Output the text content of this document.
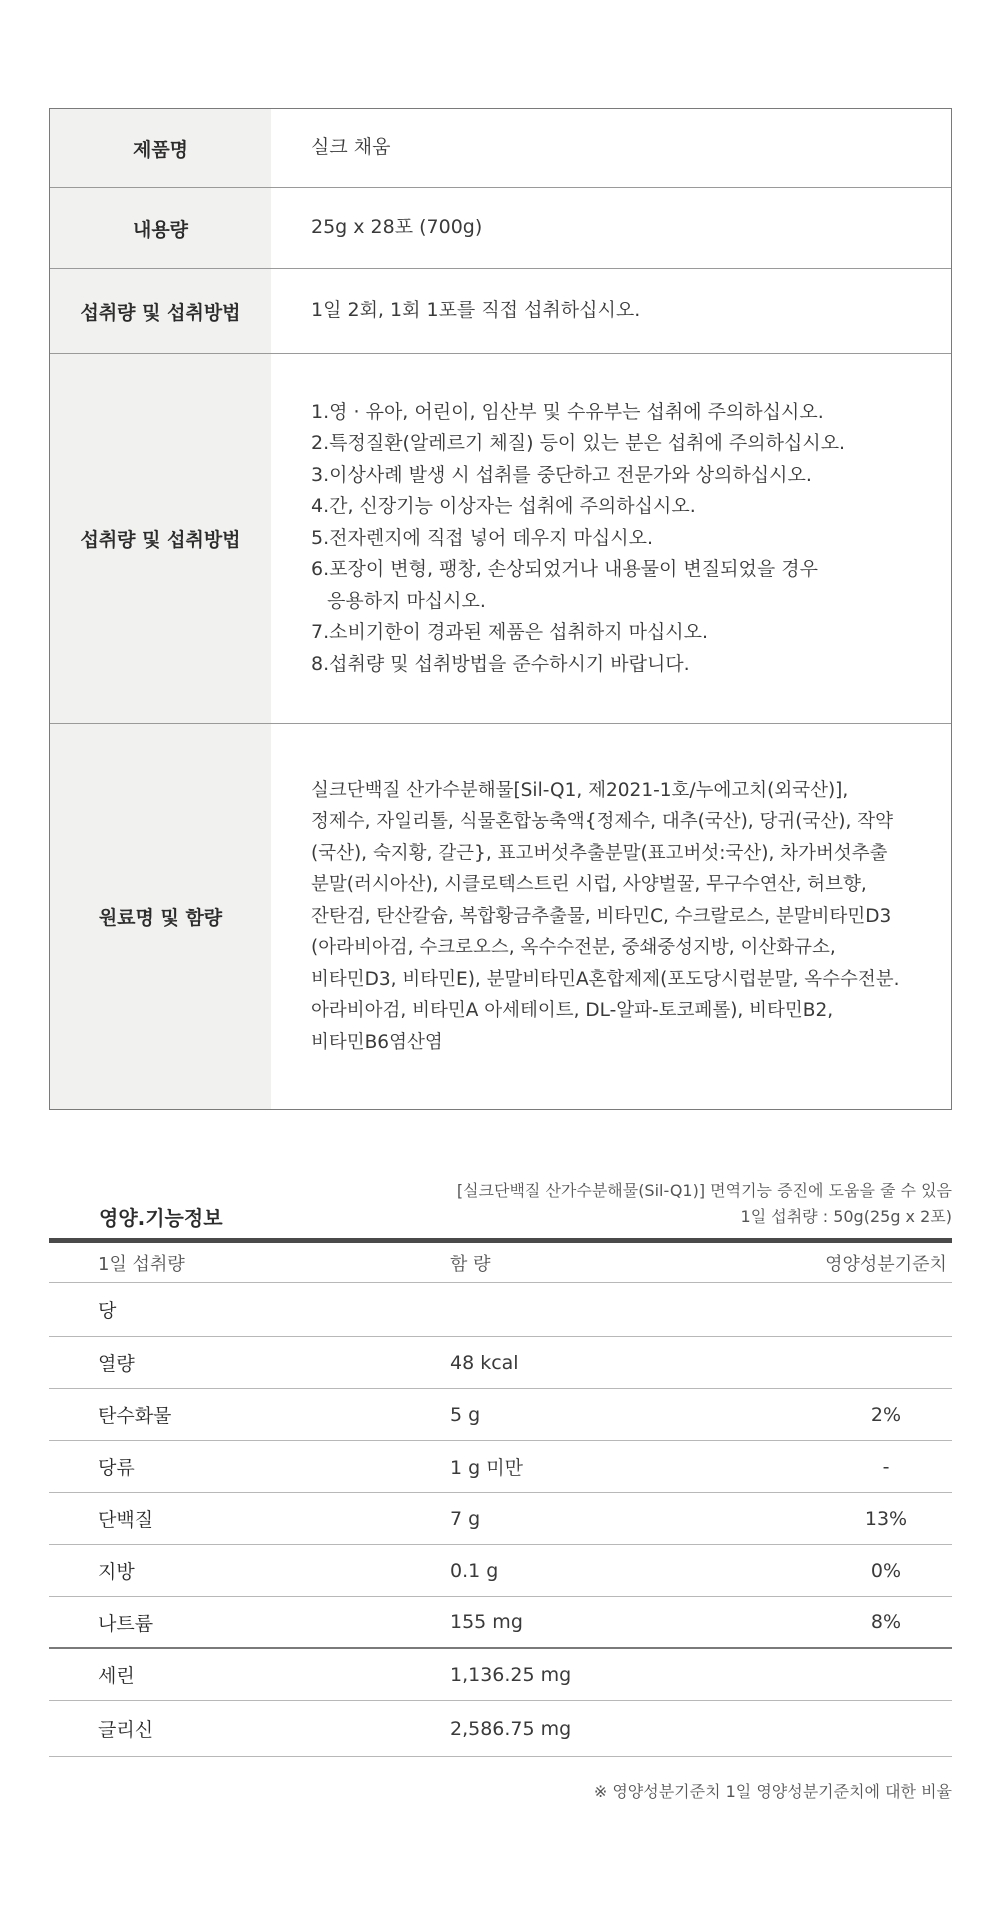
제품명	실크 채움
내용량	25g x 28포 (700g)
섭취량 및 섭취방법	1일 2회, 1회 1포를 직접 섭취하십시오.
섭취량 및 섭취방법
1.영 · 유아, 어린이, 임산부 및 수유부는 섭취에 주의하십시오.
2.특정질환(알레르기 체질) 등이 있는 분은 섭취에 주의하십시오.
3.이상사례 발생 시 섭취를 중단하고 전문가와 상의하십시오.
4.간, 신장기능 이상자는 섭취에 주의하십시오.
5.전자렌지에 직접 넣어 데우지 마십시오.
6.포장이 변형, 팽창, 손상되었거나 내용물이 변질되었을 경우
응용하지 마십시오.
7.소비기한이 경과된 제품은 섭취하지 마십시오.
8.섭취량 및 섭취방법을 준수하시기 바랍니다.
원료명 및 함량
실크단백질 산가수분해물[Sil-Q1, 제2021-1호/누에고치(외국산)],
정제수, 자일리톨, 식물혼합농축액{정제수, 대추(국산), 당귀(국산), 작약
(국산), 숙지황, 갈근}, 표고버섯추출분말(표고버섯:국산), 차가버섯추출
분말(러시아산), 시클로텍스트린 시럽, 사양벌꿀, 무구수연산, 허브향,
잔탄검, 탄산칼슘, 복합황금추출물, 비타민C, 수크랄로스, 분말비타민D3
(아라비아검, 수크로오스, 옥수수전분, 중쇄중성지방, 이산화규소,
비타민D3, 비타민E), 분말비타민A혼합제제(포도당시럽분말, 옥수수전분.
아라비아검, 비타민A 아세테이트, DL-알파-토코페롤), 비타민B2,
비타민B6염산염
영양.기능정보
[실크단백질 산가수분해물(Sil-Q1)] 면역기능 증진에 도움을 줄 수 있음
1일 섭취량 : 50g(25g x 2포)
1일 섭취량	함 량	영양성분기준치
당
열량	48 kcal
탄수화물	5 g	2%
당류	1 g 미만	-
단백질	7 g	13%
지방	0.1 g	0%
나트륨	155 mg	8%
세린	1,136.25 mg
글리신	2,586.75 mg
※ 영양성분기준치 1일 영양성분기준치에 대한 비율
